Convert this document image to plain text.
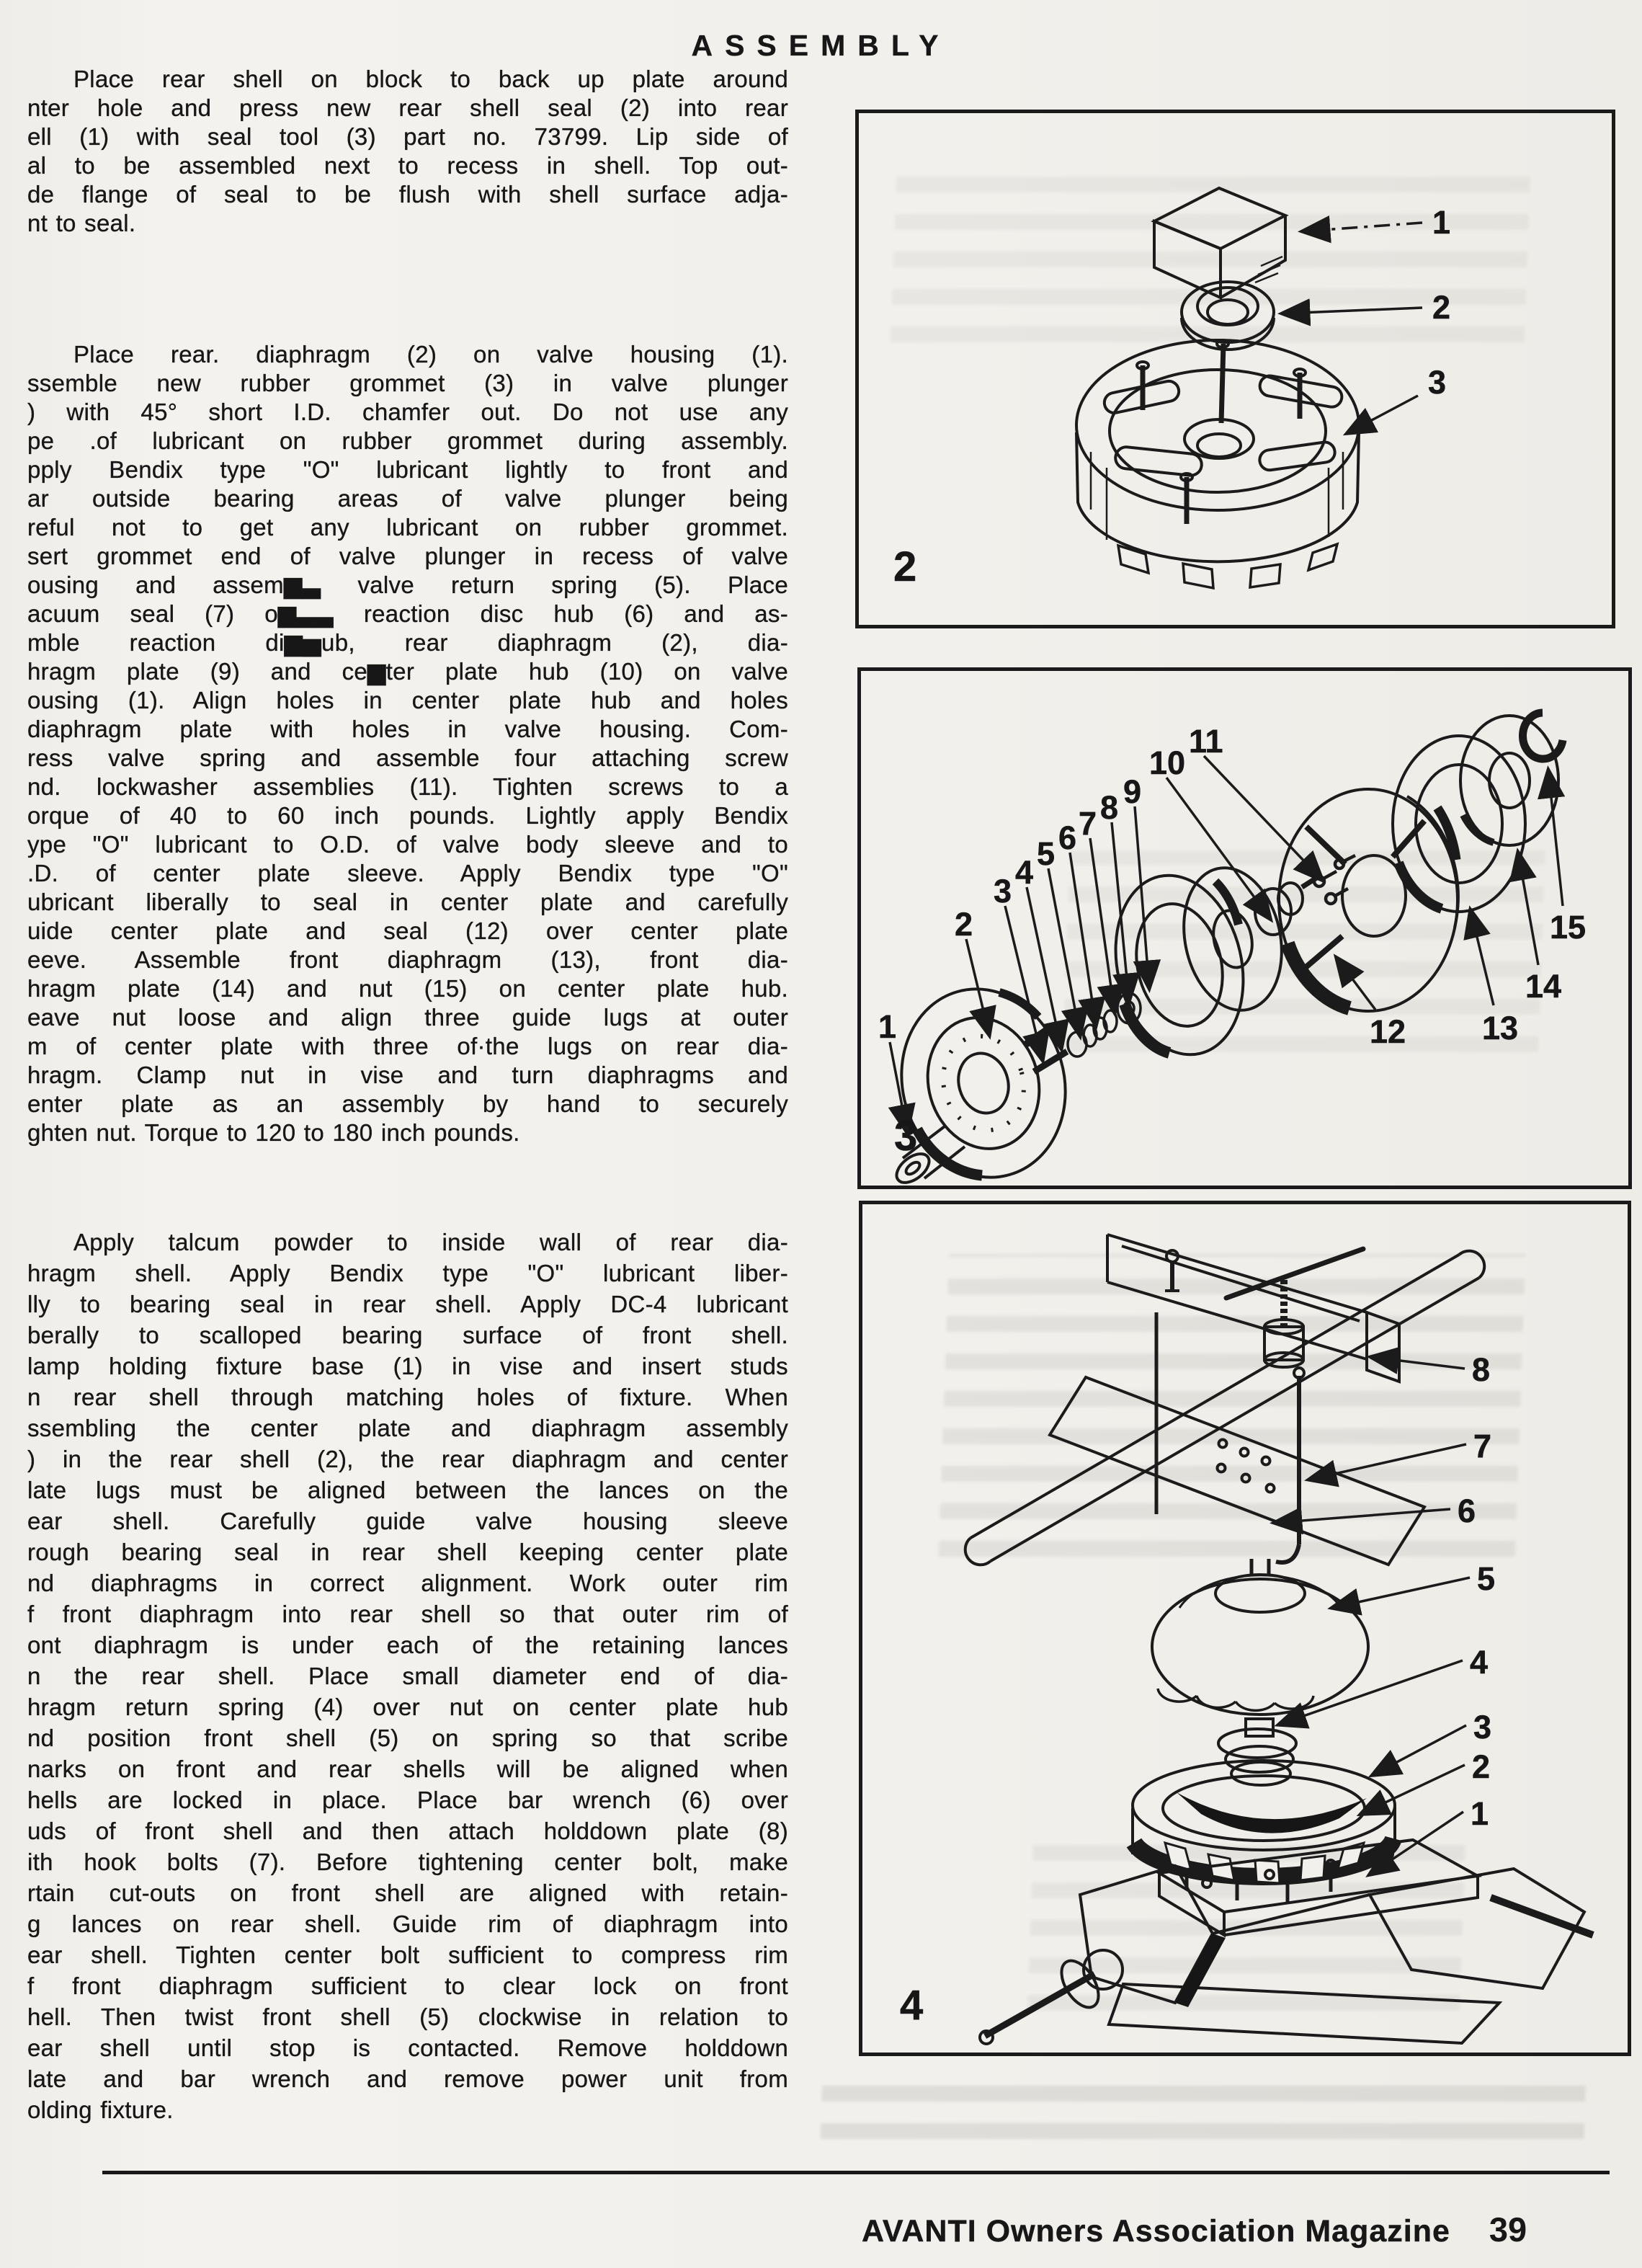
ASSEMBLY
Place rear shell on block to back up plate around
nter hole and press new rear shell seal (2) into rear
ell (1) with seal tool (3) part no. 73799. Lip side of
al to be assembled next to recess in shell. Top out-
de flange of seal to be flush with shell surface adja-
nt to seal.
Place rear. diaphragm (2) on valve housing (1).
ssemble new rubber grommet (3) in valve plunger
) with 45° short I.D. chamfer out. Do not use any
pe .of lubricant on rubber grommet during assembly.
pply Bendix type "O" lubricant lightly to front and
ar outside bearing areas of valve plunger being
reful not to get any lubricant on rubber grommet.
sert grommet end of valve plunger in recess of valve
ousing and assem▆▃ valve return spring (5). Place
acuum seal (7) o▆▃▃ reaction disc hub (6) and as-
mble reaction di▆▅ub, rear diaphragm (2), dia-
hragm plate (9) and ce▆ter plate hub (10) on valve
ousing (1). Align holes in center plate hub and holes
diaphragm plate with holes in valve housing. Com-
ress valve spring and assemble four attaching screw
nd. lockwasher assemblies (11). Tighten screws to a
orque of 40 to 60 inch pounds. Lightly apply Bendix
ype "O" lubricant to O.D. of valve body sleeve and to
.D. of center plate sleeve. Apply Bendix type "O"
ubricant liberally to seal in center plate and carefully
uide center plate and seal (12) over center plate
eeve. Assemble front diaphragm (13), front dia-
hragm plate (14) and nut (15) on center plate hub.
eave nut loose and align three guide lugs at outer
m of center plate with three of·the lugs on rear dia-
hragm. Clamp nut in vise and turn diaphragms and
enter plate as an assembly by hand to securely
ghten nut. Torque to 120 to 180 inch pounds.
Apply talcum powder to inside wall of rear dia-
hragm shell. Apply Bendix type "O" lubricant liber-
lly to bearing seal in rear shell. Apply DC-4 lubricant
berally to scalloped bearing surface of front shell.
lamp holding fixture base (1) in vise and insert studs
n rear shell through matching holes of fixture. When
ssembling the center plate and diaphragm assembly
) in the rear shell (2), the rear diaphragm and center
late lugs must be aligned between the lances on the
ear shell. Carefully guide valve housing sleeve
rough bearing seal in rear shell keeping center plate
nd diaphragms in correct alignment. Work outer rim
f front diaphragm into rear shell so that outer rim of
ont diaphragm is under each of the retaining lances
n the rear shell. Place small diameter end of dia-
hragm return spring (4) over nut on center plate hub
nd position front shell (5) on spring so that scribe
narks on front and rear shells will be aligned when
hells are locked in place. Place bar wrench (6) over
uds of front shell and then attach holddown plate (8)
ith hook bolts (7). Before tightening center bolt, make
rtain cut-outs on front shell are aligned with retain-
g lances on rear shell. Guide rim of diaphragm into
ear shell. Tighten center bolt sufficient to compress rim
f front diaphragm sufficient to clear lock on front
hell. Then twist front shell (5) clockwise in relation to
ear shell until stop is contacted. Remove holddown
late and bar wrench and remove power unit from
olding fixture.
1
2
3
2
1
2
3
4
5 6 7 8 9
10
11
12 13
14
15
3
8
7
6
5
4
3
2
1
4
AVANTI Owners Association Magazine 39
